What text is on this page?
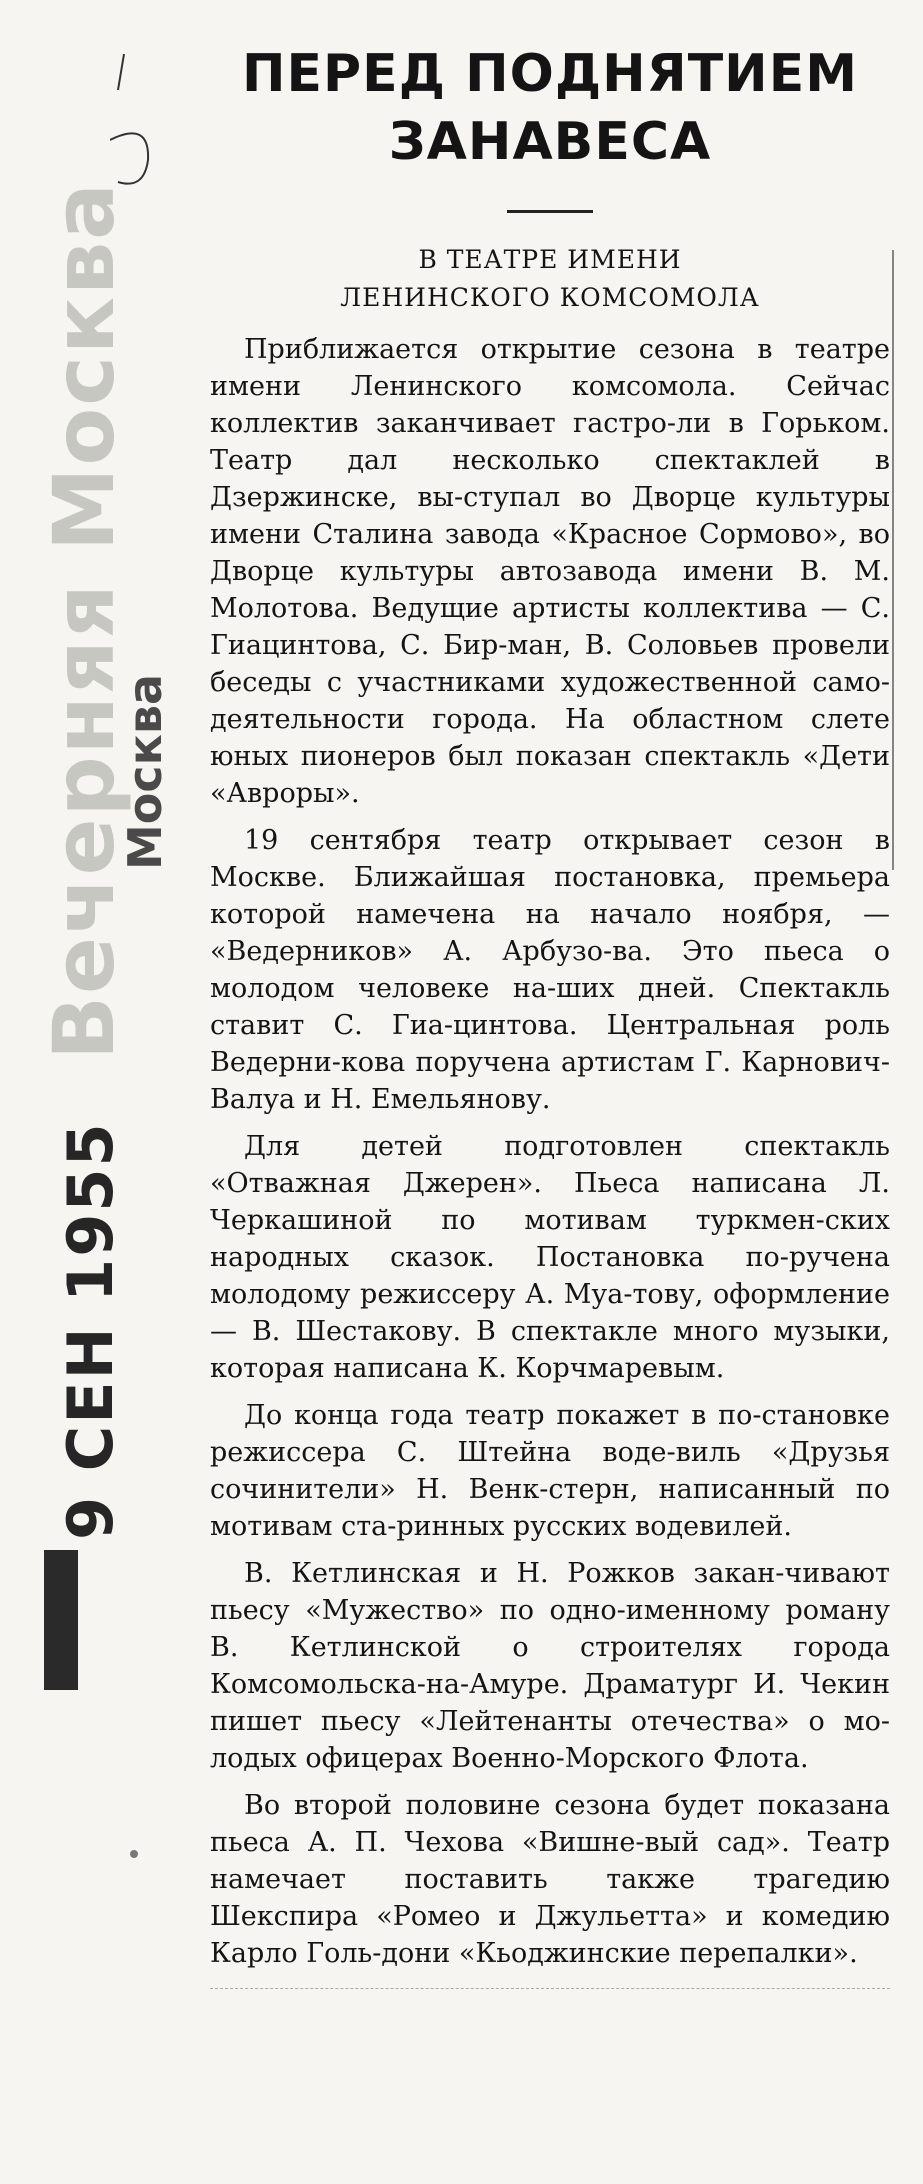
Вечерняя Москва
Москва
9 СЕН 1955
ПЕРЕД ПОДНЯТИЕМ
ЗАНАВЕСА

В ТЕАТРЕ ИМЕНИ
ЛЕНИНСКОГО КОМСОМОЛА

Приближается открытие сезона в театре имени Ленинского комсомола. Сейчас коллектив заканчивает гастро-ли в Горьком. Театр дал несколько спектаклей в Дзержинске, вы-ступал во Дворце культуры имени Сталина завода «Красное Сормово», во Дворце культуры автозавода имени В. М. Молотова. Ведущие артисты коллектива — С. Гиацинтова, С. Бир-ман, В. Соловьев провели беседы с участниками художественной само-деятельности города. На областном слете юных пионеров был показан спектакль «Дети «Авроры».

19 сентября театр открывает сезон в Москве. Ближайшая постановка, премьера которой намечена на начало ноября, — «Ведерников» А. Арбузо-ва. Это пьеса о молодом человеке на-ших дней. Спектакль ставит С. Гиа-цинтова. Центральная роль Ведерни-кова поручена артистам Г. Карнович-Валуа и Н. Емельянову.

Для детей подготовлен спектакль «Отважная Джерен». Пьеса написана Л. Черкашиной по мотивам туркмен-ских народных сказок. Постановка по-ручена молодому режиссеру А. Муа-тову, оформление — В. Шестакову. В спектакле много музыки, которая написана К. Корчмаревым.

До конца года театр покажет в по-становке режиссера С. Штейна воде-виль «Друзья сочинители» Н. Венк-стерн, написанный по мотивам ста-ринных русских водевилей.

В. Кетлинская и Н. Рожков закан-чивают пьесу «Мужество» по одно-именному роману В. Кетлинской о строителях города Комсомольска-на-Амуре. Драматург И. Чекин пишет пьесу «Лейтенанты отечества» о мо-лодых офицерах Военно-Морского Флота.

Во второй половине сезона будет показана пьеса А. П. Чехова «Вишне-вый сад». Театр намечает поставить также трагедию Шекспира «Ромео и Джульетта» и комедию Карло Голь-дони «Кьоджинские перепалки».
